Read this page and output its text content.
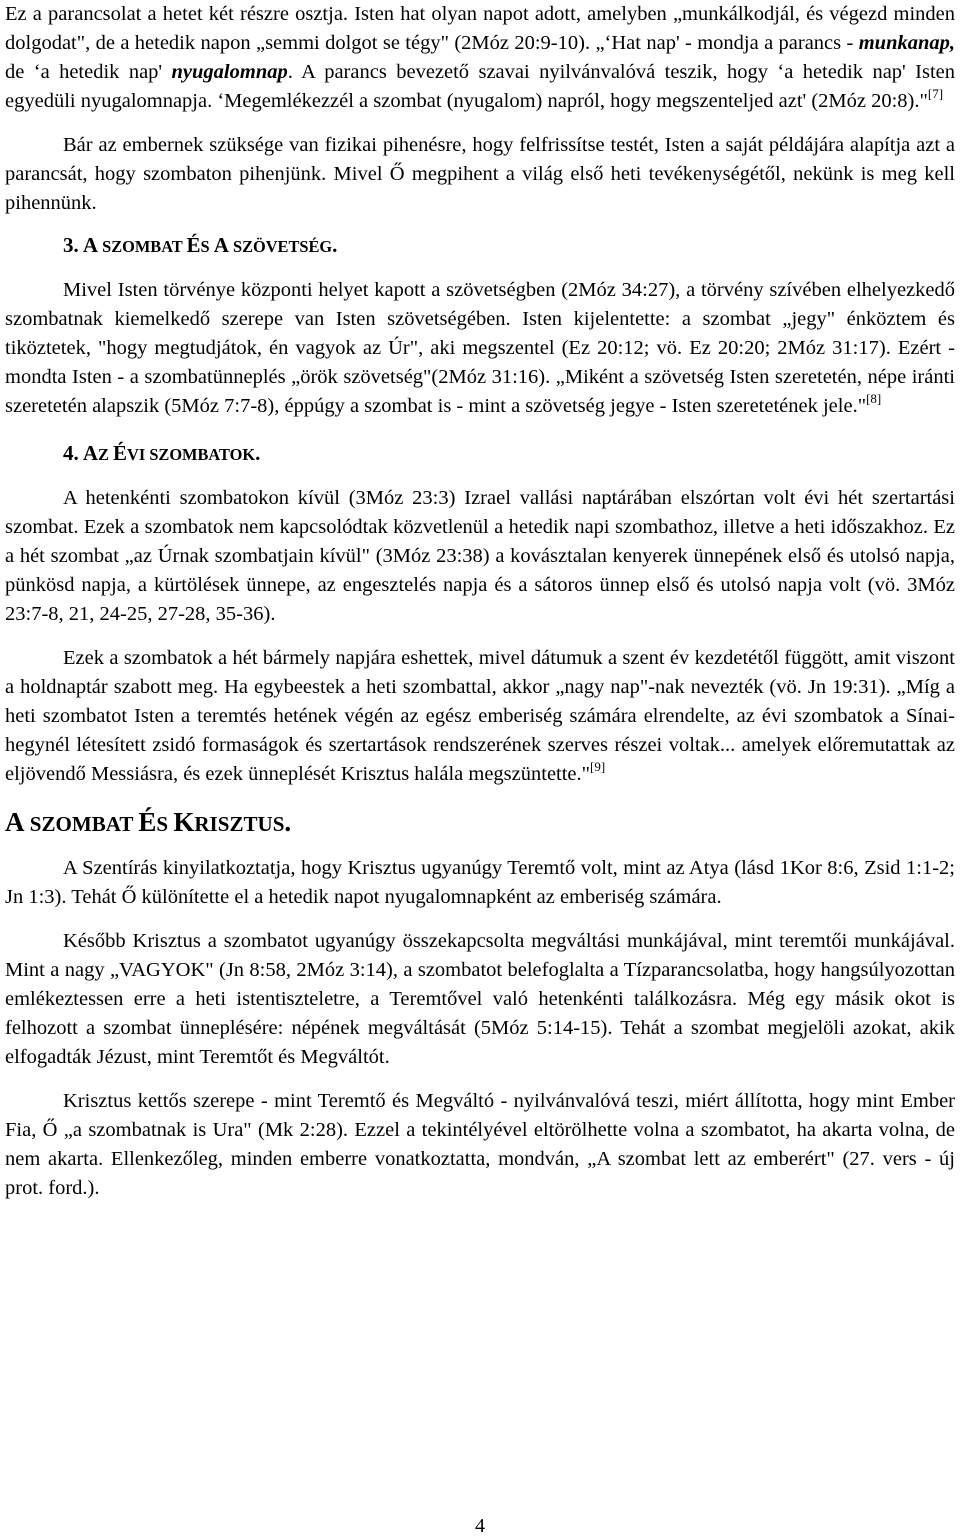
Ez a parancsolat a hetet két részre osztja. Isten hat olyan napot adott, amelyben „munkálkodjál, és végezd minden dolgodat", de a hetedik napon „semmi dolgot se tégy" (2Móz 20:9-10). „‘Hat nap' - mondja a parancs - munkanap, de ‘a hetedik nap' nyugalomnap. A parancs bevezető szavai nyilvánvalóvá teszik, hogy ‘a hetedik nap' Isten egyedüli nyugalomnapja. ‘Megemlékezzél a szombat (nyugalom) napról, hogy megszenteljed azt' (2Móz 20:8)."[7]

Bár az embernek szüksége van fizikai pihenésre, hogy felfrissítse testét, Isten a saját példájára alapítja azt a parancsát, hogy szombaton pihenjünk. Mivel Ő megpihent a világ első heti tevékenységétől, nekünk is meg kell pihennünk.

3. A SZOMBAT ÉS A SZÖVETSÉG.

Mivel Isten törvénye központi helyet kapott a szövetségben (2Móz 34:27), a törvény szívében elhelyezkedő szombatnak kiemelkedő szerepe van Isten szövetségében. Isten kijelentette: a szombat „jegy" énköztem és tiköztetek, "hogy megtudjátok, én vagyok az Úr", aki megszentel (Ez 20:12; vö. Ez 20:20; 2Móz 31:17). Ezért - mondta Isten - a szombatünneplés „örök szövetség"(2Móz 31:16). „Miként a szövetség Isten szeretetén, népe iránti szeretetén alapszik (5Móz 7:7-8), éppúgy a szombat is - mint a szövetség jegye - Isten szeretetének jele."[8]

4. AZ ÉVI SZOMBATOK.

A hetenkénti szombatokon kívül (3Móz 23:3) Izrael vallási naptárában elszórtan volt évi hét szertartási szombat. Ezek a szombatok nem kapcsolódtak közvetlenül a hetedik napi szombathoz, illetve a heti időszakhoz. Ez a hét szombat „az Úrnak szombatjain kívül" (3Móz 23:38) a kovásztalan kenyerek ünnepének első és utolsó napja, pünkösd napja, a kürtölések ünnepe, az engesztelés napja és a sátoros ünnep első és utolsó napja volt (vö. 3Móz 23:7-8, 21, 24-25, 27-28, 35-36).

Ezek a szombatok a hét bármely napjára eshettek, mivel dátumuk a szent év kezdetétől függött, amit viszont a holdnaptár szabott meg. Ha egybeestek a heti szombattal, akkor „nagy nap"-nak nevezték (vö. Jn 19:31). „Míg a heti szombatot Isten a teremtés hetének végén az egész emberiség számára elrendelte, az évi szombatok a Sínai-hegynél létesített zsidó formaságok és szertartások rendszerének szerves részei voltak... amelyek előremutattak az eljövendő Messiásra, és ezek ünneplését Krisztus halála megszüntette."[9]

A SZOMBAT ÉS KRISZTUS.

A Szentírás kinyilatkoztatja, hogy Krisztus ugyanúgy Teremtő volt, mint az Atya (lásd 1Kor 8:6, Zsid 1:1-2; Jn 1:3). Tehát Ő különítette el a hetedik napot nyugalomnapként az emberiség számára.

Később Krisztus a szombatot ugyanúgy összekapcsolta megváltási munkájával, mint teremtői munkájával. Mint a nagy „VAGYOK" (Jn 8:58, 2Móz 3:14), a szombatot belefoglalta a Tízparancsolatba, hogy hangsúlyozottan emlékeztessen erre a heti istentiszteletre, a Teremtővel való hetenkénti találkozásra. Még egy másik okot is felhozott a szombat ünneplésére: népének megváltását (5Móz 5:14-15). Tehát a szombat megjelöli azokat, akik elfogadták Jézust, mint Teremtőt és Megváltót.

Krisztus kettős szerepe - mint Teremtő és Megváltó - nyilvánvalóvá teszi, miért állította, hogy mint Ember Fia, Ő „a szombatnak is Ura" (Mk 2:28). Ezzel a tekintélyével eltörölhette volna a szombatot, ha akarta volna, de nem akarta. Ellenkezőleg, minden emberre vonatkoztatta, mondván, „A szombat lett az emberért" (27. vers - új prot. ford.).

4
